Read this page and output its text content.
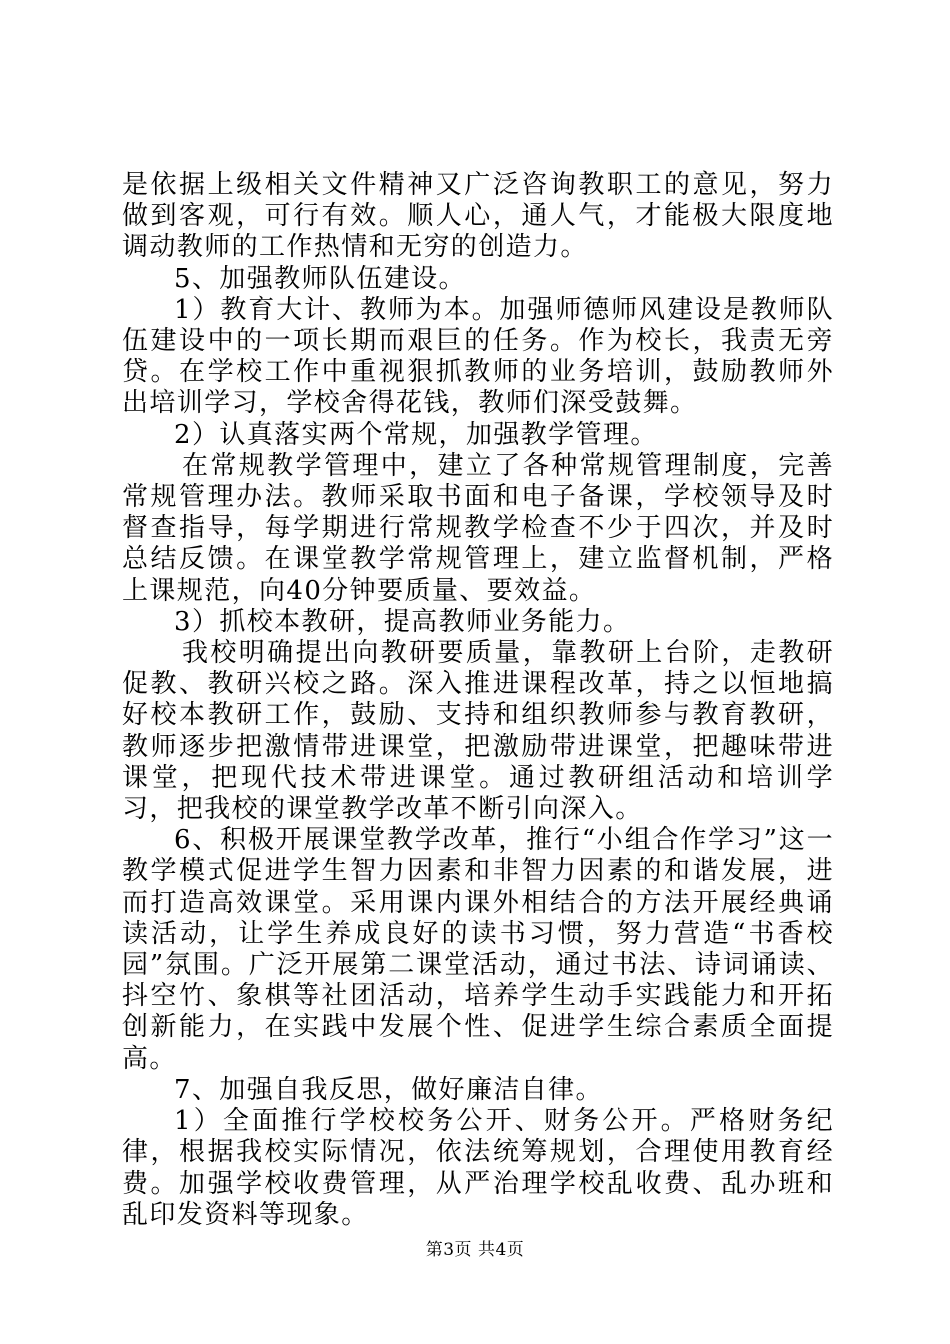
是依据上级相关文件精神又广泛咨询教职工的意见，努力做到客观，可行有效。顺人心，通人气，才能极大限度地调动教师的工作热情和无穷的创造力。

5、加强教师队伍建设。

1）教育大计、教师为本。加强师德师风建设是教师队伍建设中的一项长期而艰巨的任务。作为校长，我责无旁贷。在学校工作中重视狠抓教师的业务培训，鼓励教师外出培训学习，学校舍得花钱，教师们深受鼓舞。

2）认真落实两个常规，加强教学管理。

在常规教学管理中，建立了各种常规管理制度，完善常规管理办法。教师采取书面和电子备课，学校领导及时督查指导，每学期进行常规教学检查不少于四次，并及时总结反馈。在课堂教学常规管理上，建立监督机制，严格上课规范，向40分钟要质量、要效益。

3）抓校本教研，提高教师业务能力。

我校明确提出向教研要质量，靠教研上台阶，走教研促教、教研兴校之路。深入推进课程改革，持之以恒地搞好校本教研工作，鼓励、支持和组织教师参与教育教研，教师逐步把激情带进课堂，把激励带进课堂，把趣味带进课堂，把现代技术带进课堂。通过教研组活动和培训学习，把我校的课堂教学改革不断引向深入。

6、积极开展课堂教学改革，推行“小组合作学习”这一教学模式促进学生智力因素和非智力因素的和谐发展，进而打造高效课堂。采用课内课外相结合的方法开展经典诵读活动，让学生养成良好的读书习惯，努力营造“书香校园”氛围。广泛开展第二课堂活动，通过书法、诗词诵读、抖空竹、象棋等社团活动，培养学生动手实践能力和开拓创新能力，在实践中发展个性、促进学生综合素质全面提高。

7、加强自我反思，做好廉洁自律。

1）全面推行学校校务公开、财务公开。严格财务纪律，根据我校实际情况，依法统筹规划，合理使用教育经费。加强学校收费管理，从严治理学校乱收费、乱办班和乱印发资料等现象。

第3页 共4页
